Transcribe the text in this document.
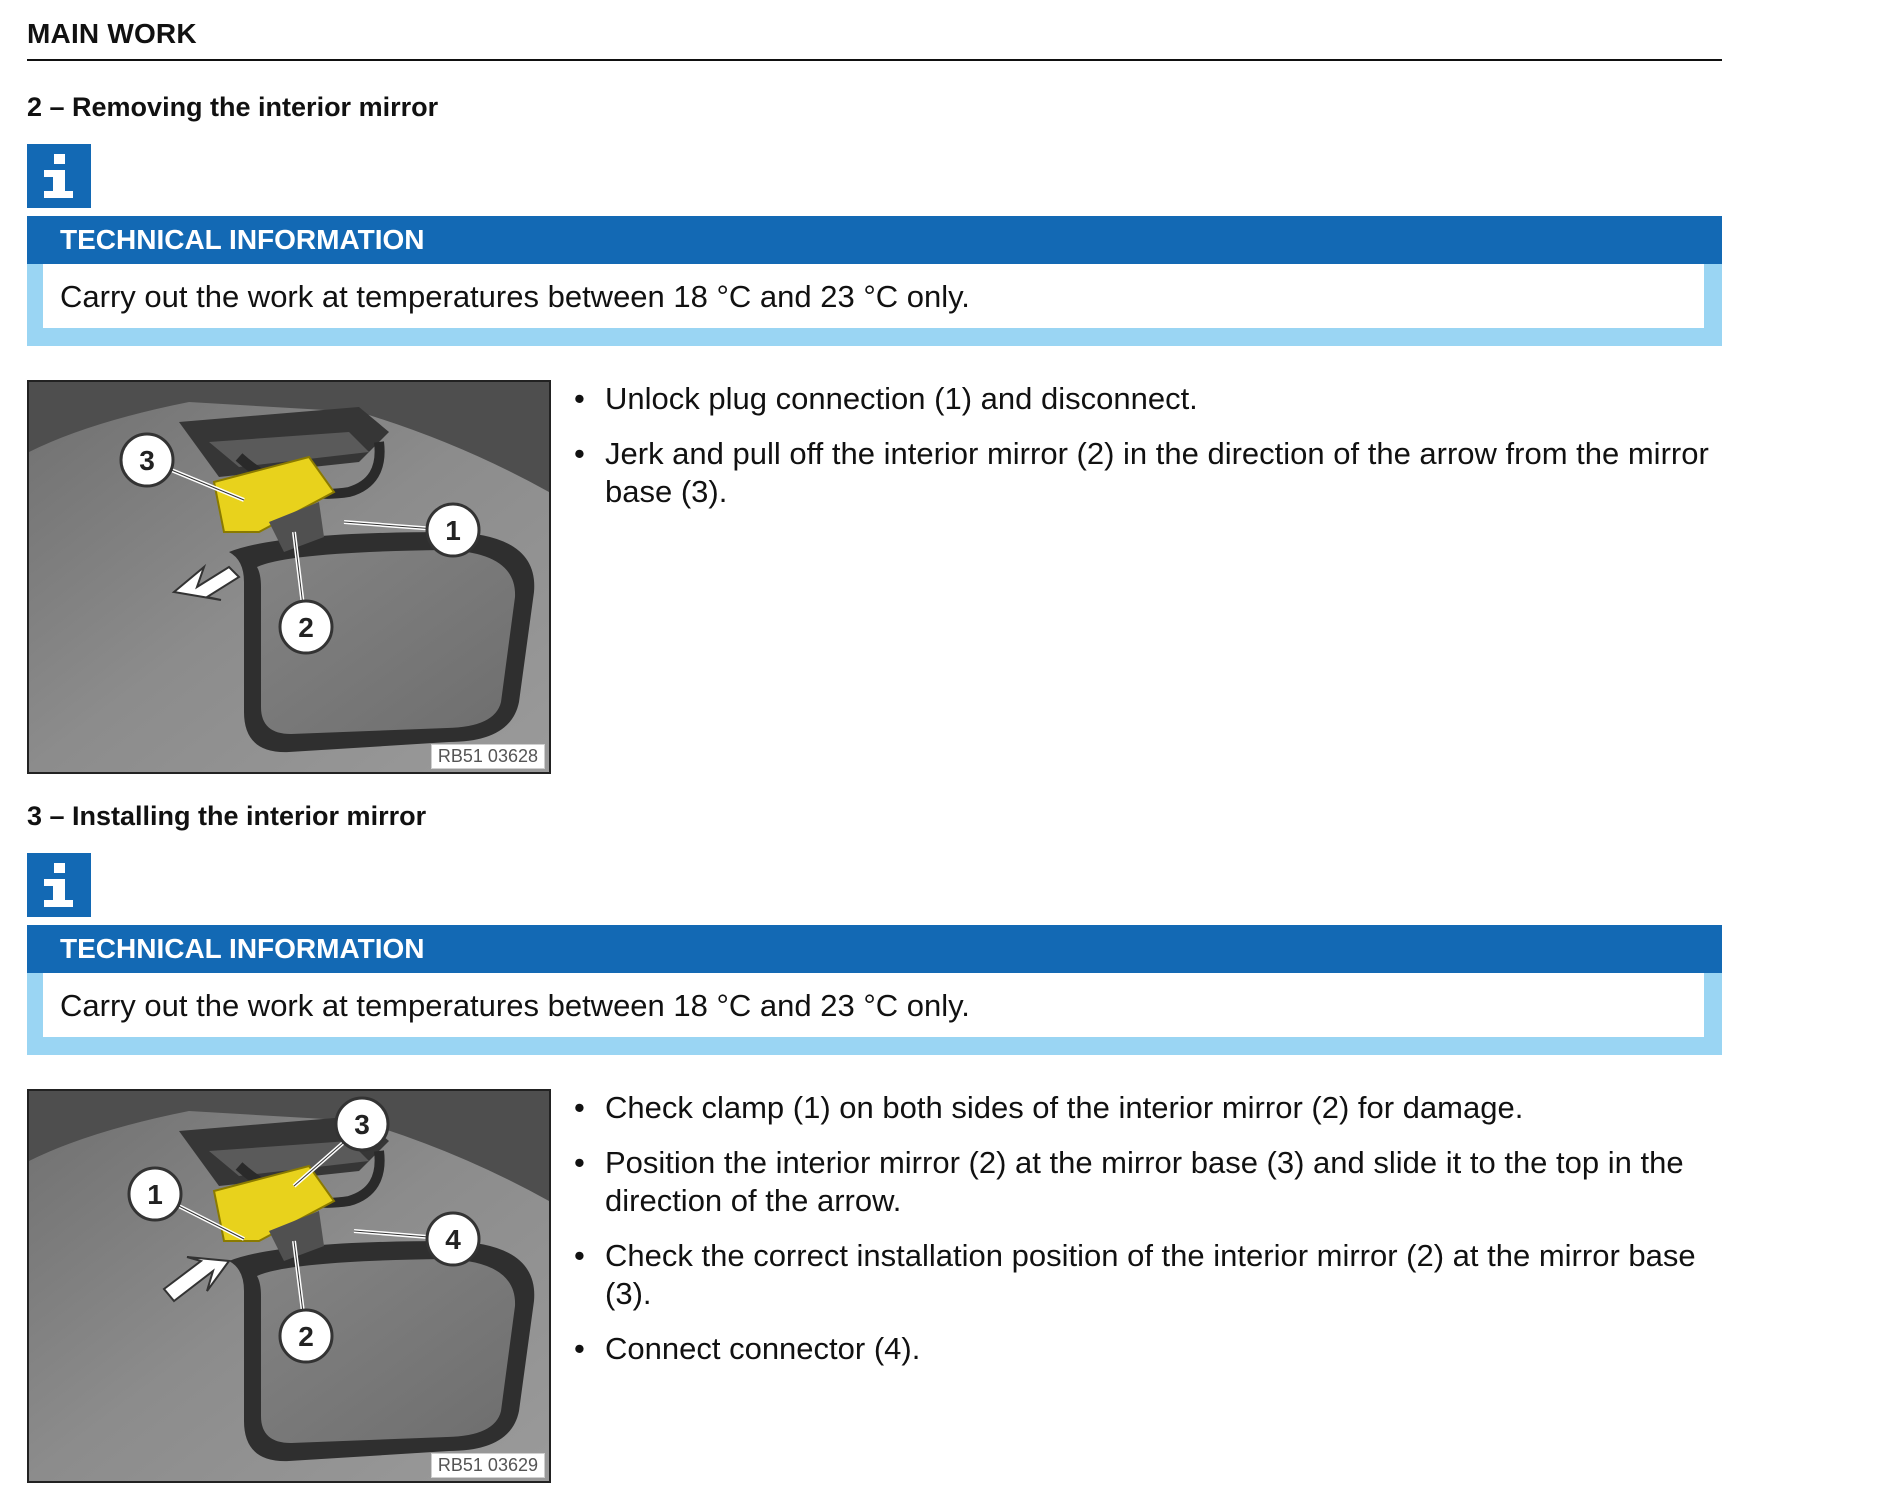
MAIN WORK
2 – Removing the interior mirror
TECHNICAL INFORMATION
Carry out the work at temperatures between 18 °C and 23 °C only.
3
1
2
RB51 03628
• Unlock plug connection (1) and disconnect.
• Jerk and pull off the interior mirror (2) in the direction of the arrow from the mirror base (3).
3 – Installing the interior mirror
TECHNICAL INFORMATION
Carry out the work at temperatures between 18 °C and 23 °C only.
1
3
4
2
RB51 03629
• Check clamp (1) on both sides of the interior mirror (2) for damage.
• Position the interior mirror (2) at the mirror base (3) and slide it to the top in the direction of the arrow.
• Check the correct installation position of the interior mirror (2) at the mirror base (3).
• Connect connector (4).
